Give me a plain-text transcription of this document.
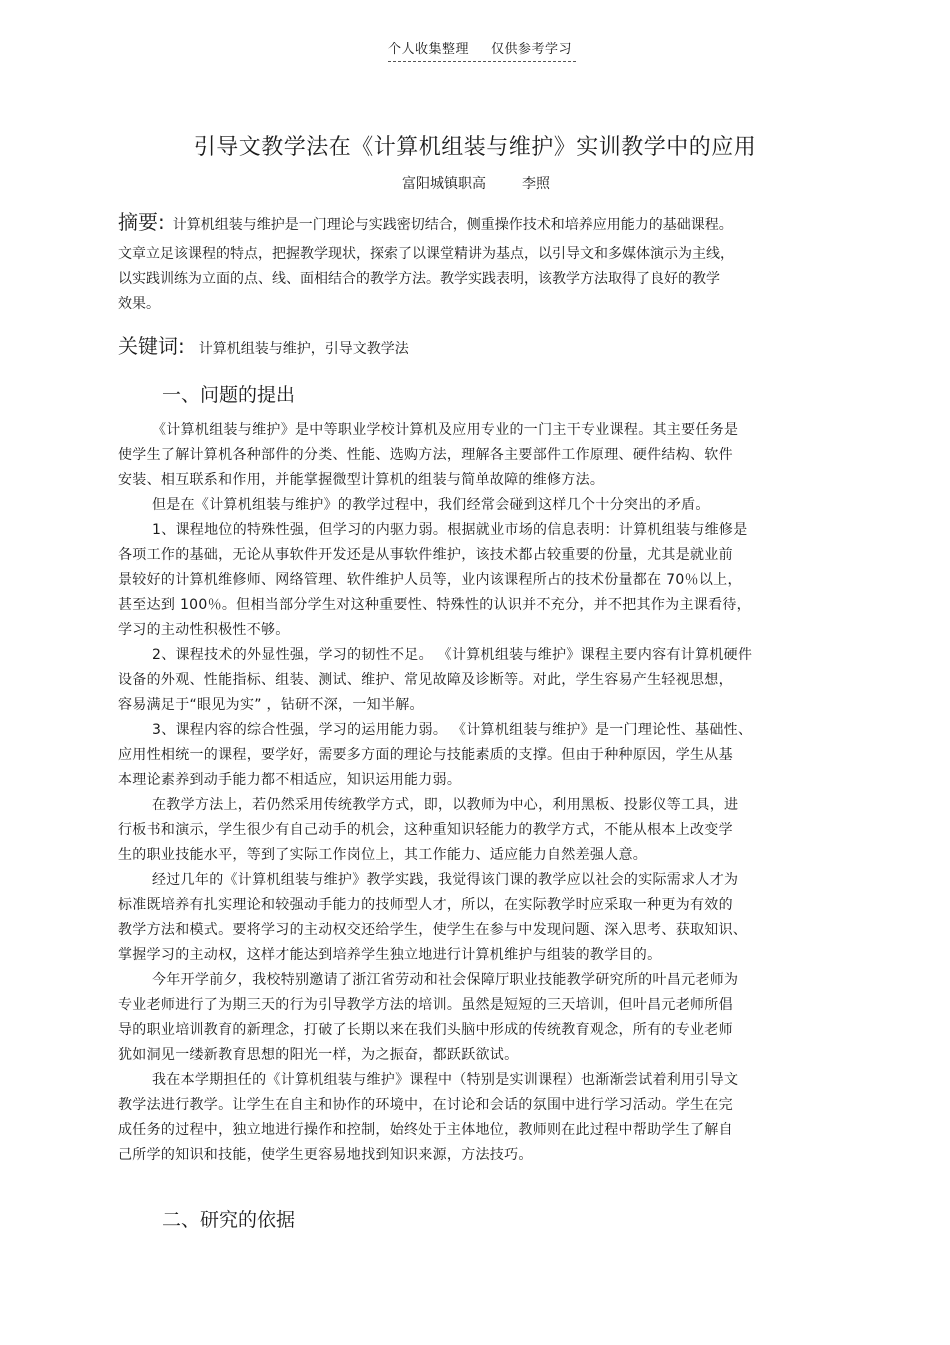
个人收集整理 仅供参考学习
引导文教学法在《计算机组装与维护》实训教学中的应用
富阳城镇职高	李照
摘要: 计算机组装与维护是一门理论与实践密切结合，侧重操作技术和培养应用能力的基础课程。
文章立足该课程的特点，把握教学现状，探索了以课堂精讲为基点，以引导文和多媒体演示为主线，
以实践训练为立面的点、线、面相结合的教学方法。教学实践表明，该教学方法取得了良好的教学
效果。
关键词: 计算机组装与维护，引导文教学法
一、问题的提出
《计算机组装与维护》是中等职业学校计算机及应用专业的一门主干专业课程。其主要任务是
使学生了解计算机各种部件的分类、性能、选购方法，理解各主要部件工作原理、硬件结构、软件
安装、相互联系和作用，并能掌握微型计算机的组装与简单故障的维修方法。
但是在《计算机组装与维护》的教学过程中，我们经常会碰到这样几个十分突出的矛盾。
1、课程地位的特殊性强，但学习的内驱力弱。根据就业市场的信息表明：计算机组装与维修是
各项工作的基础，无论从事软件开发还是从事软件维护，该技术都占较重要的份量，尤其是就业前
景较好的计算机维修师、网络管理、软件维护人员等，业内该课程所占的技术份量都在 70％以上，
甚至达到 100％。但相当部分学生对这种重要性、特殊性的认识并不充分，并不把其作为主课看待，
学习的主动性积极性不够。
2、课程技术的外显性强，学习的韧性不足。 《计算机组装与维护》课程主要内容有计算机硬件
设备的外观、性能指标、组装、测试、维护、常见故障及诊断等。对此，学生容易产生轻视思想，
容易满足于“眼见为实” ，钻研不深，一知半解。
3、课程内容的综合性强，学习的运用能力弱。 《计算机组装与维护》是一门理论性、基础性、
应用性相统一的课程，要学好，需要多方面的理论与技能素质的支撑。但由于种种原因，学生从基
本理论素养到动手能力都不相适应，知识运用能力弱。
在教学方法上，若仍然采用传统教学方式，即，以教师为中心，利用黑板、投影仪等工具，进
行板书和演示，学生很少有自己动手的机会，这种重知识轻能力的教学方式，不能从根本上改变学
生的职业技能水平，等到了实际工作岗位上，其工作能力、适应能力自然差强人意。
经过几年的《计算机组装与维护》教学实践，我觉得该门课的教学应以社会的实际需求人才为
标准既培养有扎实理论和较强动手能力的技师型人才，所以，在实际教学时应采取一种更为有效的
教学方法和模式。要将学习的主动权交还给学生，使学生在参与中发现问题、深入思考、获取知识、
掌握学习的主动权，这样才能达到培养学生独立地进行计算机维护与组装的教学目的。
今年开学前夕，我校特别邀请了浙江省劳动和社会保障厅职业技能教学研究所的叶昌元老师为
专业老师进行了为期三天的行为引导教学方法的培训。虽然是短短的三天培训，但叶昌元老师所倡
导的职业培训教育的新理念，打破了长期以来在我们头脑中形成的传统教育观念，所有的专业老师
犹如洞见一缕新教育思想的阳光一样，为之振奋，都跃跃欲试。
我在本学期担任的《计算机组装与维护》课程中（特别是实训课程）也渐渐尝试着利用引导文
教学法进行教学。让学生在自主和协作的环境中，在讨论和会话的氛围中进行学习活动。学生在完
成任务的过程中，独立地进行操作和控制，始终处于主体地位，教师则在此过程中帮助学生了解自
己所学的知识和技能，使学生更容易地找到知识来源，方法技巧。
二、研究的依据
